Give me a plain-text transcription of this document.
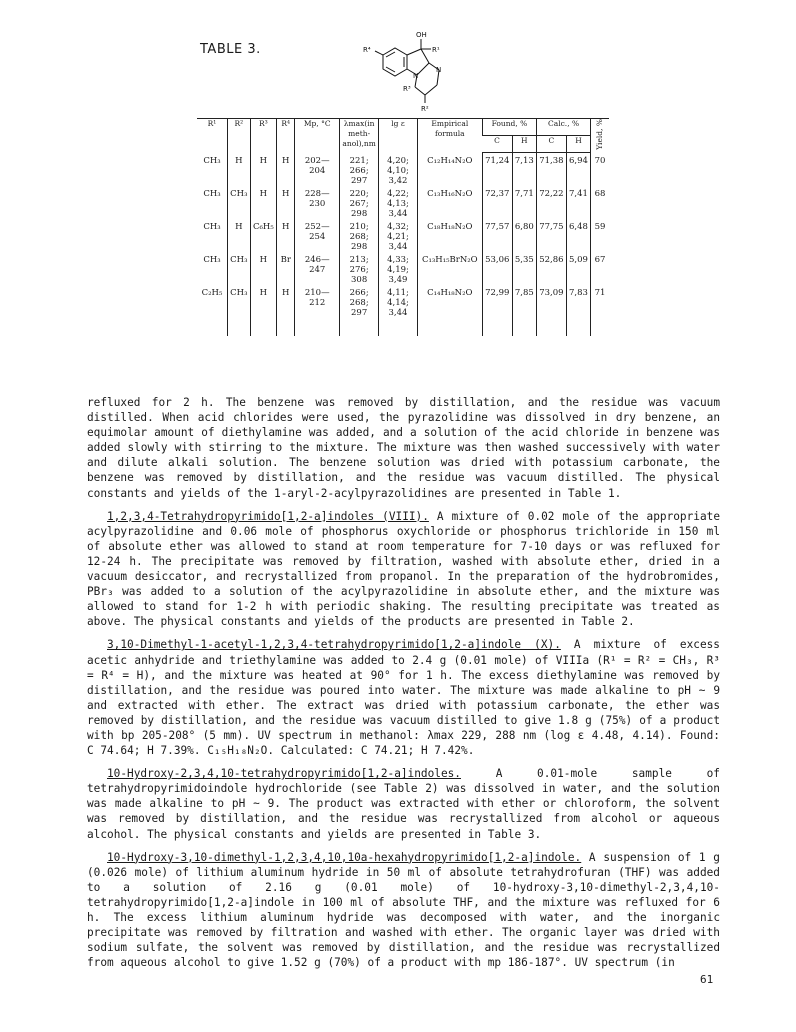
TABLE 3.
OH
R¹
R⁴
N
N
R³
R²
R¹	R²	R³	R⁴	Mp, °C	λmax(in meth-anol),nm	lg ε	Empirical formula	Found, %		Calc., %		Yield, %
								C	H	C	H	
CH₃	H	H	H	202—204	221; 266; 297	4,20; 4,10; 3,42	C₁₂H₁₄N₂O	71,24	7,13	71,38	6,94	70
CH₃	CH₃	H	H	228—230	220; 267; 298	4,22; 4,13; 3,44	C₁₃H₁₆N₂O	72,37	7,71	72,22	7,41	68
CH₃	H	C₆H₅	H	252—254	210; 268; 298	4,32; 4,21; 3,44	C₁₈H₁₈N₂O	77,57	6,80	77,75	6,48	59
CH₃	CH₃	H	Br	246—247	213; 276; 308	4,33; 4,19; 3,49	C₁₃H₁₅BrN₂O	53,06	5,35	52,86	5,09	67
C₂H₅	CH₃	H	H	210—212	266; 268; 297	4,11; 4,14; 3,44	C₁₄H₁₈N₂O	72,99	7,85	73,09	7,83	71

refluxed for 2 h. The benzene was removed by distillation, and the residue was vacuum distilled. When acid chlorides were used, the pyrazolidine was dissolved in dry benzene, an equimolar amount of diethylamine was added, and a solution of the acid chloride in benzene was added slowly with stirring to the mixture. The mixture was then washed successively with water and dilute alkali solution. The benzene solution was dried with potassium carbonate, the benzene was removed by distillation, and the residue was vacuum distilled. The physical constants and yields of the 1-aryl-2-acylpyrazolidines are presented in Table 1.

1,2,3,4-Tetrahydropyrimido[1,2-a]indoles (VIII). A mixture of 0.02 mole of the appropriate acylpyrazolidine and 0.06 mole of phosphorus oxychloride or phosphorus trichloride in 150 ml of absolute ether was allowed to stand at room temperature for 7-10 days or was refluxed for 12-24 h. The precipitate was removed by filtration, washed with absolute ether, dried in a vacuum desiccator, and recrystallized from propanol. In the preparation of the hydrobromides, PBr₃ was added to a solution of the acylpyrazolidine in absolute ether, and the mixture was allowed to stand for 1-2 h with periodic shaking. The resulting precipitate was treated as above. The physical constants and yields of the products are presented in Table 2.

3,10-Dimethyl-1-acetyl-1,2,3,4-tetrahydropyrimido[1,2-a]indole (X). A mixture of excess acetic anhydride and triethylamine was added to 2.4 g (0.01 mole) of VIIIa (R¹ = R² = CH₃, R³ = R⁴ = H), and the mixture was heated at 90° for 1 h. The excess diethylamine was removed by distillation, and the residue was poured into water. The mixture was made alkaline to pH ~ 9 and extracted with ether. The extract was dried with potassium carbonate, the ether was removed by distillation, and the residue was vacuum distilled to give 1.8 g (75%) of a product with bp 205-208° (5 mm). UV spectrum in methanol: λmax 229, 288 nm (log ε 4.48, 4.14). Found: C 74.64; H 7.39%. C₁₅H₁₈N₂O. Calculated: C 74.21; H 7.42%.

10-Hydroxy-2,3,4,10-tetrahydropyrimido[1,2-a]indoles. A 0.01-mole sample of tetrahydropyrimidoindole hydrochloride (see Table 2) was dissolved in water, and the solution was made alkaline to pH ~ 9. The product was extracted with ether or chloroform, the solvent was removed by distillation, and the residue was recrystallized from alcohol or aqueous alcohol. The physical constants and yields are presented in Table 3.

10-Hydroxy-3,10-dimethyl-1,2,3,4,10,10a-hexahydropyrimido[1,2-a]indole. A suspension of 1 g (0.026 mole) of lithium aluminum hydride in 50 ml of absolute tetrahydrofuran (THF) was added to a solution of 2.16 g (0.01 mole) of 10-hydroxy-3,10-dimethyl-2,3,4,10-tetrahydropyrimido[1,2-a]indole in 100 ml of absolute THF, and the mixture was refluxed for 6 h. The excess lithium aluminum hydride was decomposed with water, and the inorganic precipitate was removed by filtration and washed with ether. The organic layer was dried with sodium sulfate, the solvent was removed by distillation, and the residue was recrystallized from aqueous alcohol to give 1.52 g (70%) of a product with mp 186-187°. UV spectrum (in

61
